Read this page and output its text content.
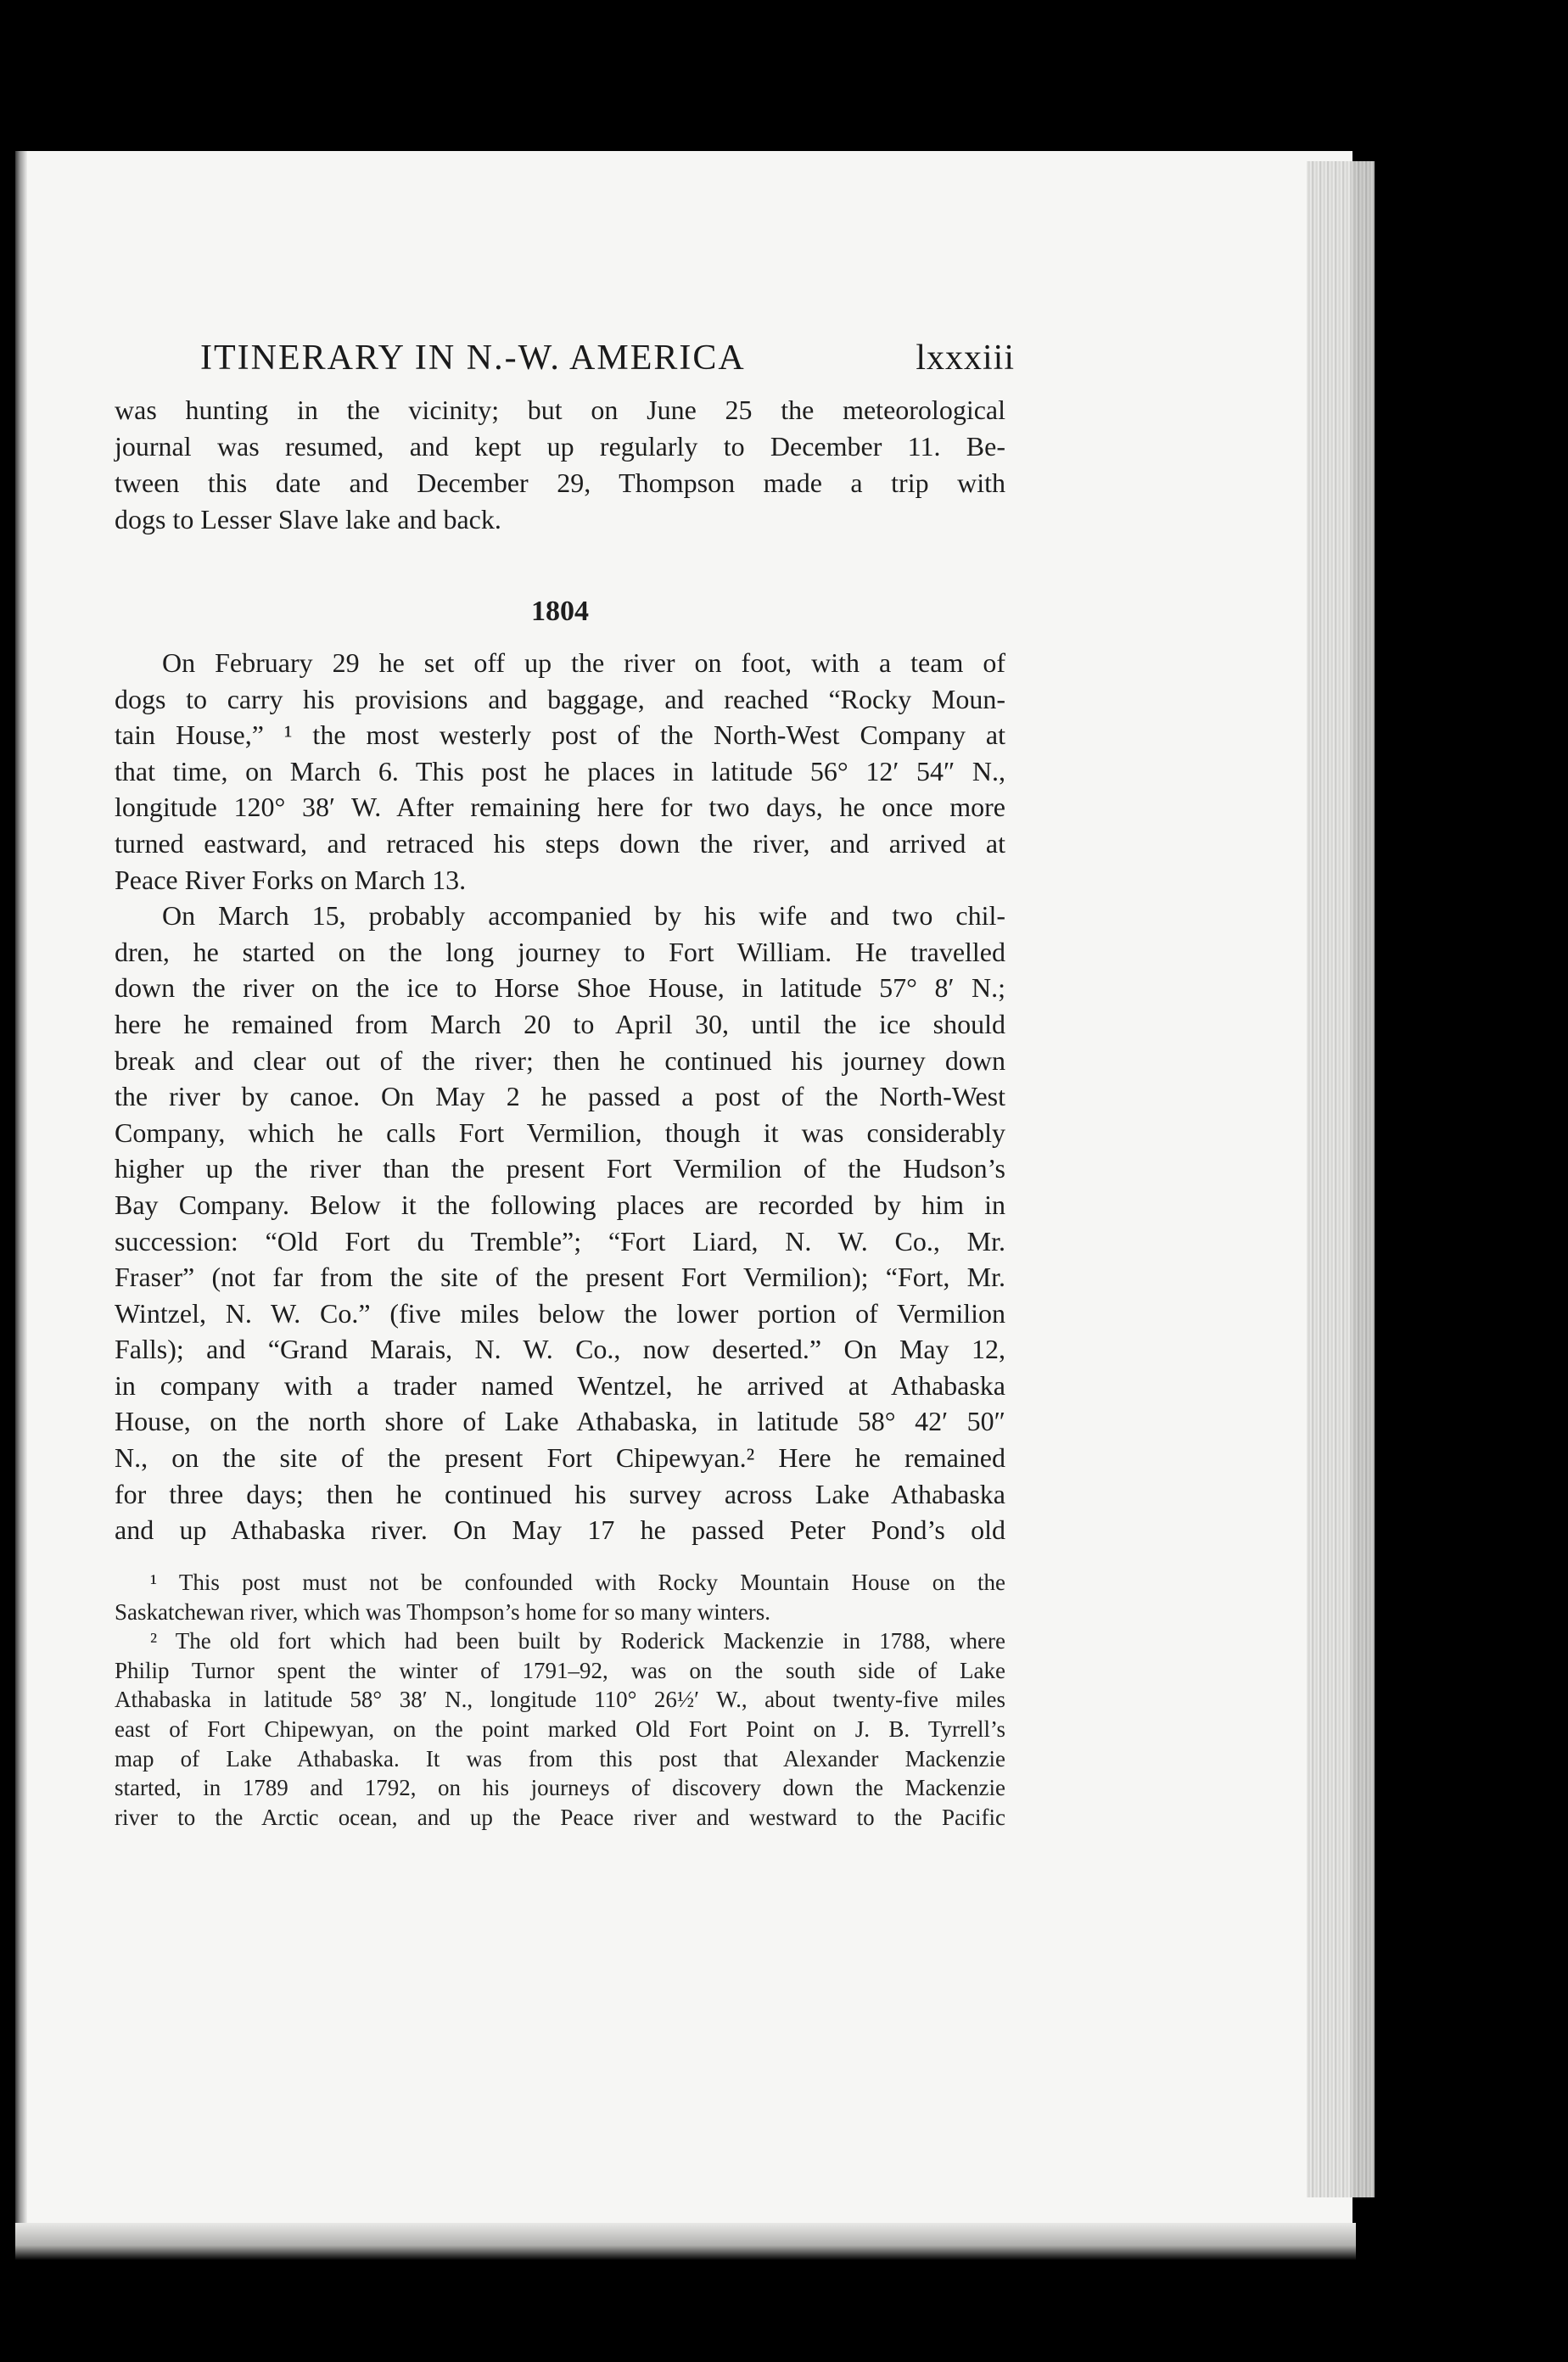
ITINERARY IN N.-W. AMERICA	lxxxiii
was hunting in the vicinity; but on June 25 the meteorological
journal was resumed, and kept up regularly to December 11. Be-
tween this date and December 29, Thompson made a trip with
dogs to Lesser Slave lake and back.
1804
On February 29 he set off up the river on foot, with a team of
dogs to carry his provisions and baggage, and reached “Rocky Moun-
tain House,” ¹ the most westerly post of the North-West Company at
that time, on March 6. This post he places in latitude 56° 12′ 54″ N.,
longitude 120° 38′ W. After remaining here for two days, he once more
turned eastward, and retraced his steps down the river, and arrived at
Peace River Forks on March 13.
On March 15, probably accompanied by his wife and two chil-
dren, he started on the long journey to Fort William. He travelled
down the river on the ice to Horse Shoe House, in latitude 57° 8′ N.;
here he remained from March 20 to April 30, until the ice should
break and clear out of the river; then he continued his journey down
the river by canoe. On May 2 he passed a post of the North-West
Company, which he calls Fort Vermilion, though it was considerably
higher up the river than the present Fort Vermilion of the Hudson’s
Bay Company. Below it the following places are recorded by him in
succession: “Old Fort du Tremble”; “Fort Liard, N. W. Co., Mr.
Fraser” (not far from the site of the present Fort Vermilion); “Fort, Mr.
Wintzel, N. W. Co.” (five miles below the lower portion of Vermilion
Falls); and “Grand Marais, N. W. Co., now deserted.” On May 12,
in company with a trader named Wentzel, he arrived at Athabaska
House, on the north shore of Lake Athabaska, in latitude 58° 42′ 50″
N., on the site of the present Fort Chipewyan.² Here he remained
for three days; then he continued his survey across Lake Athabaska
and up Athabaska river. On May 17 he passed Peter Pond’s old
¹ This post must not be confounded with Rocky Mountain House on the
Saskatchewan river, which was Thompson’s home for so many winters.
² The old fort which had been built by Roderick Mackenzie in 1788, where
Philip Turnor spent the winter of 1791–92, was on the south side of Lake
Athabaska in latitude 58° 38′ N., longitude 110° 26½′ W., about twenty-five miles
east of Fort Chipewyan, on the point marked Old Fort Point on J. B. Tyrrell’s
map of Lake Athabaska. It was from this post that Alexander Mackenzie
started, in 1789 and 1792, on his journeys of discovery down the Mackenzie
river to the Arctic ocean, and up the Peace river and westward to the Pacific
